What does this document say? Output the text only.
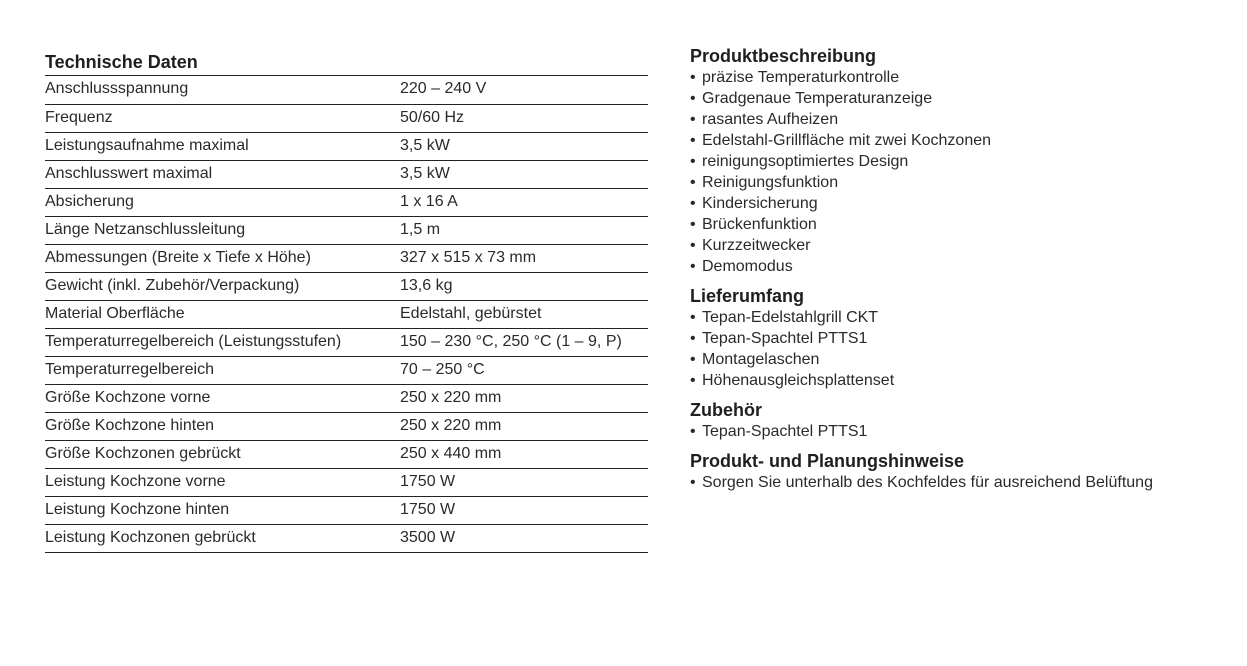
Technische Daten
Anschlussspannung	220 – 240 V
Frequenz	50/60 Hz
Leistungsaufnahme maximal	3,5 kW
Anschlusswert maximal	3,5 kW
Absicherung	1 x 16 A
Länge Netzanschlussleitung	1,5 m
Abmessungen (Breite x Tiefe x Höhe)	327 x 515 x 73 mm
Gewicht (inkl. Zubehör/Verpackung)	13,6 kg
Material Oberfläche	Edelstahl, gebürstet
Temperaturregelbereich (Leistungsstufen)	150 – 230 °C, 250 °C (1 – 9, P)
Temperaturregelbereich	70 – 250 °C
Größe Kochzone vorne	250 x 220 mm
Größe Kochzone hinten	250 x 220 mm
Größe Kochzonen gebrückt	250 x 440 mm
Leistung Kochzone vorne	1750 W
Leistung Kochzone hinten	1750 W
Leistung Kochzonen gebrückt	3500 W
Produktbeschreibung
• präzise Temperaturkontrolle
• Gradgenaue Temperaturanzeige
• rasantes Aufheizen
• Edelstahl-Grillfläche mit zwei Kochzonen
• reinigungsoptimiertes Design
• Reinigungsfunktion
• Kindersicherung
• Brückenfunktion
• Kurzzeitwecker
• Demomodus
Lieferumfang
• Tepan-Edelstahlgrill CKT
• Tepan-Spachtel PTTS1
• Montagelaschen
• Höhenausgleichsplattenset
Zubehör
• Tepan-Spachtel PTTS1
Produkt- und Planungshinweise
• Sorgen Sie unterhalb des Kochfeldes für ausreichend Belüftung
